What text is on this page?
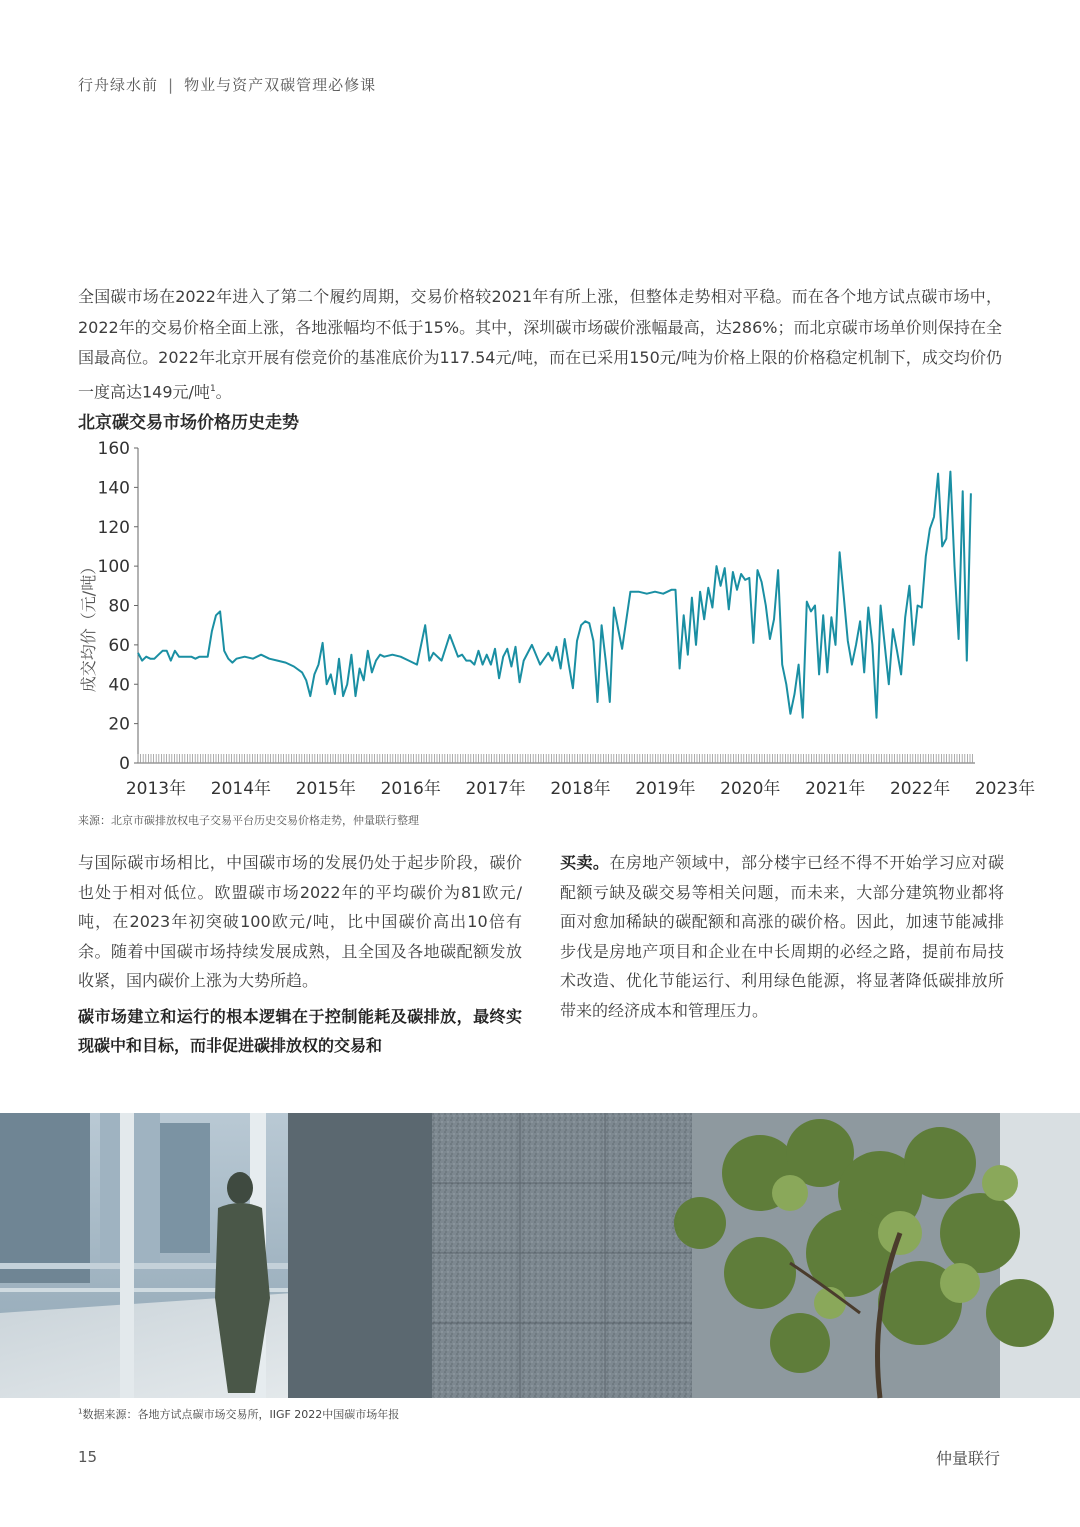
行舟绿水前 | 物业与资产双碳管理必修课
全国碳市场在2022年进入了第二个履约周期，交易价格较2021年有所上涨，但整体走势相对平稳。而在各个地方试点碳市场中，2022年的交易价格全面上涨，各地涨幅均不低于15%。其中，深圳碳市场碳价涨幅最高，达286%；而北京碳市场单价则保持在全国最高位。2022年北京开展有偿竞价的基准底价为117.54元/吨，而在已采用150元/吨为价格上限的价格稳定机制下，成交均价仍一度高达149元/吨$^1$。
北京碳交易市场价格历史走势
0
20
40
60
80
100
120
140
160
成交均价（元/吨）
2013年 2014年 2015年 2016年 2017年 2018年 2019年 2020年 2021年 2022年 2023年
来源：北京市碳排放权电子交易平台历史交易价格走势，仲量联行整理

与国际碳市场相比，中国碳市场的发展仍处于起步阶段，碳价也处于相对低位。欧盟碳市场2022年的平均碳价为81欧元/吨，在2023年初突破100欧元/吨，比中国碳价高出10倍有余。随着中国碳市场持续发展成熟，且全国及各地碳配额发放收紧，国内碳价上涨为大势所趋。

碳市场建立和运行的根本逻辑在于控制能耗及碳排放，最终实现碳中和目标，而非促进碳排放权的交易和

买卖。在房地产领域中，部分楼宇已经不得不开始学习应对碳配额亏缺及碳交易等相关问题，而未来，大部分建筑物业都将面对愈加稀缺的碳配额和高涨的碳价格。因此，加速节能减排步伐是房地产项目和企业在中长周期的必经之路，提前布局技术改造、优化节能运行、利用绿色能源，将显著降低碳排放所带来的经济成本和管理压力。
$^1$数据来源：各地方试点碳市场交易所，IIGF 2022中国碳市场年报
15	仲量联行
